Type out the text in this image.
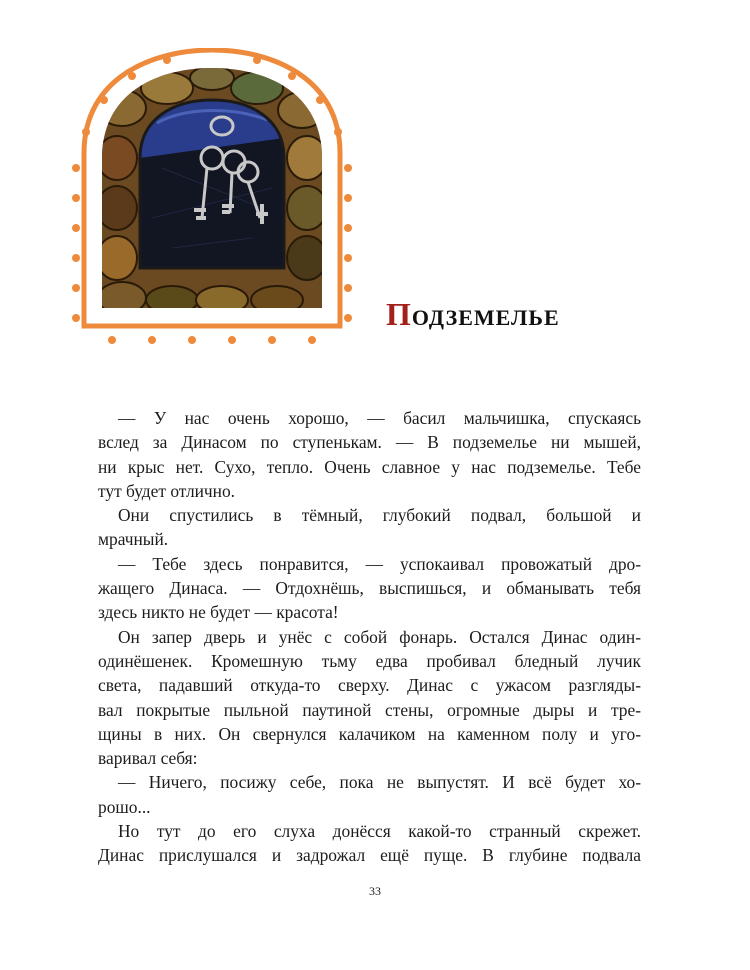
ПОДЗЕМЕЛЬЕ
— У нас очень хорошо, — басил мальчишка, спускаясь
вслед за Динасом по ступенькам. — В подземелье ни мышей,
ни крыс нет. Сухо, тепло. Очень славное у нас подземелье. Тебе
тут будет отлично.
Они спустились в тёмный, глубокий подвал, большой и
мрачный.
— Тебе здесь понравится, — успокаивал провожатый дро-
жащего Динаса. — Отдохнёшь, выспишься, и обманывать тебя
здесь никто не будет — красота!
Он запер дверь и унёс с собой фонарь. Остался Динас один-
одинёшенек. Кромешную тьму едва пробивал бледный лучик
света, падавший откуда-то сверху. Динас с ужасом разгляды-
вал покрытые пыльной паутиной стены, огромные дыры и тре-
щины в них. Он свернулся калачиком на каменном полу и уго-
варивал себя:
— Ничего, посижу себе, пока не выпустят. И всё будет хо-
рошо...
Но тут до его слуха донёсся какой-то странный скрежет.
Динас прислушался и задрожал ещё пуще. В глубине подвала
33
